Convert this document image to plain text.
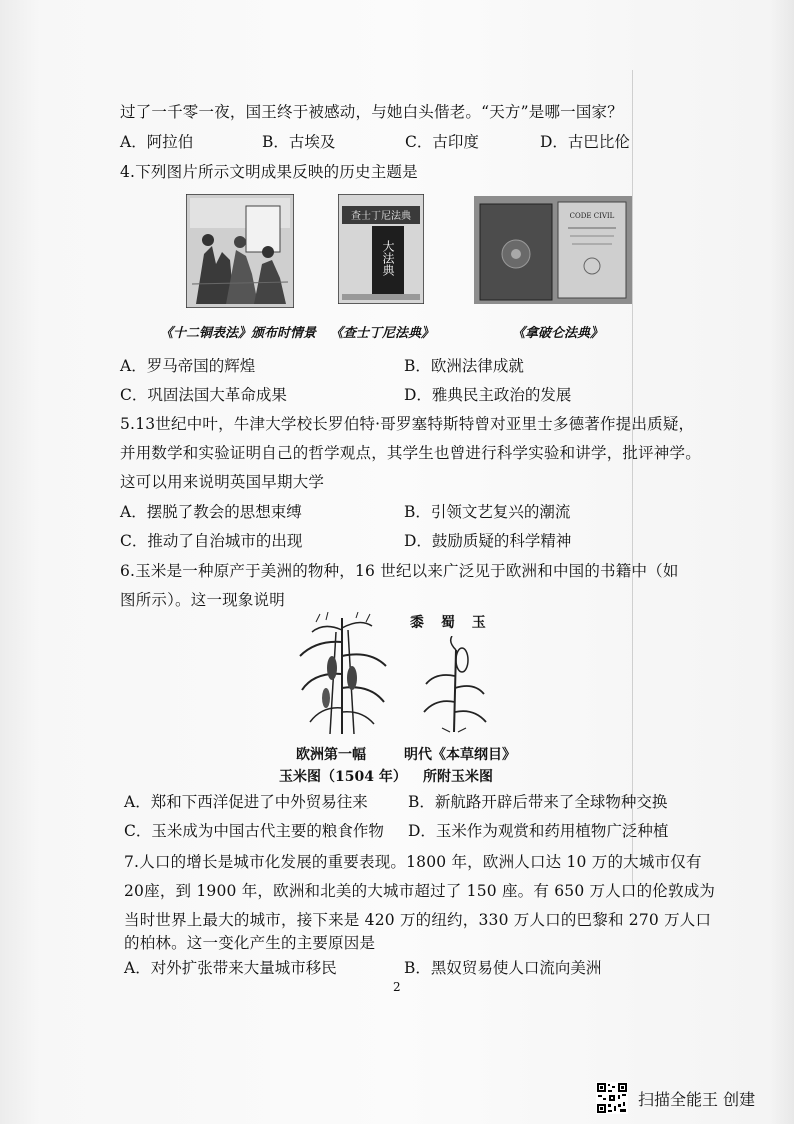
过了一千零一夜，国王终于被感动，与她白头偕老。“天方”是哪一国家？
A．阿拉伯	B．古埃及	C．古印度	D．古巴比伦
4.下列图片所示文明成果反映的历史主题是
查士丁尼法典
大法典
CODE CIVIL
《十二铜表法》颁布时情景 《查士丁尼法典》	《拿破仑法典》
A．罗马帝国的辉煌	B．欧洲法律成就
C．巩固法国大革命成果	D．雅典民主政治的发展
5.13世纪中叶，牛津大学校长罗伯特·哥罗塞特斯特曾对亚里士多德著作提出质疑，
并用数学和实验证明自己的哲学观点，其学生也曾进行科学实验和讲学，批评神学。
这可以用来说明英国早期大学
A．摆脱了教会的思想束缚	B．引领文艺复兴的潮流
C．推动了自治城市的出现	D．鼓励质疑的科学精神
6.玉米是一种原产于美洲的物种，16 世纪以来广泛见于欧洲和中国的书籍中（如
图所示）。这一现象说明
黍 蜀 玉
欧洲第一幅	明代《本草纲目》
玉米图（1504 年） 所附玉米图
A．郑和下西洋促进了中外贸易往来	B．新航路开辟后带来了全球物种交换
C．玉米成为中国古代主要的粮食作物 D．玉米作为观赏和药用植物广泛种植
7.人口的增长是城市化发展的重要表现。1800 年，欧洲人口达 10 万的大城市仅有
20座，到 1900 年，欧洲和北美的大城市超过了 150 座。有 650 万人口的伦敦成为
当时世界上最大的城市，接下来是 420 万的纽约，330 万人口的巴黎和 270 万人口
的柏林。这一变化产生的主要原因是
A．对外扩张带来大量城市移民	B．黑奴贸易使人口流向美洲
2
扫描全能王 创建
